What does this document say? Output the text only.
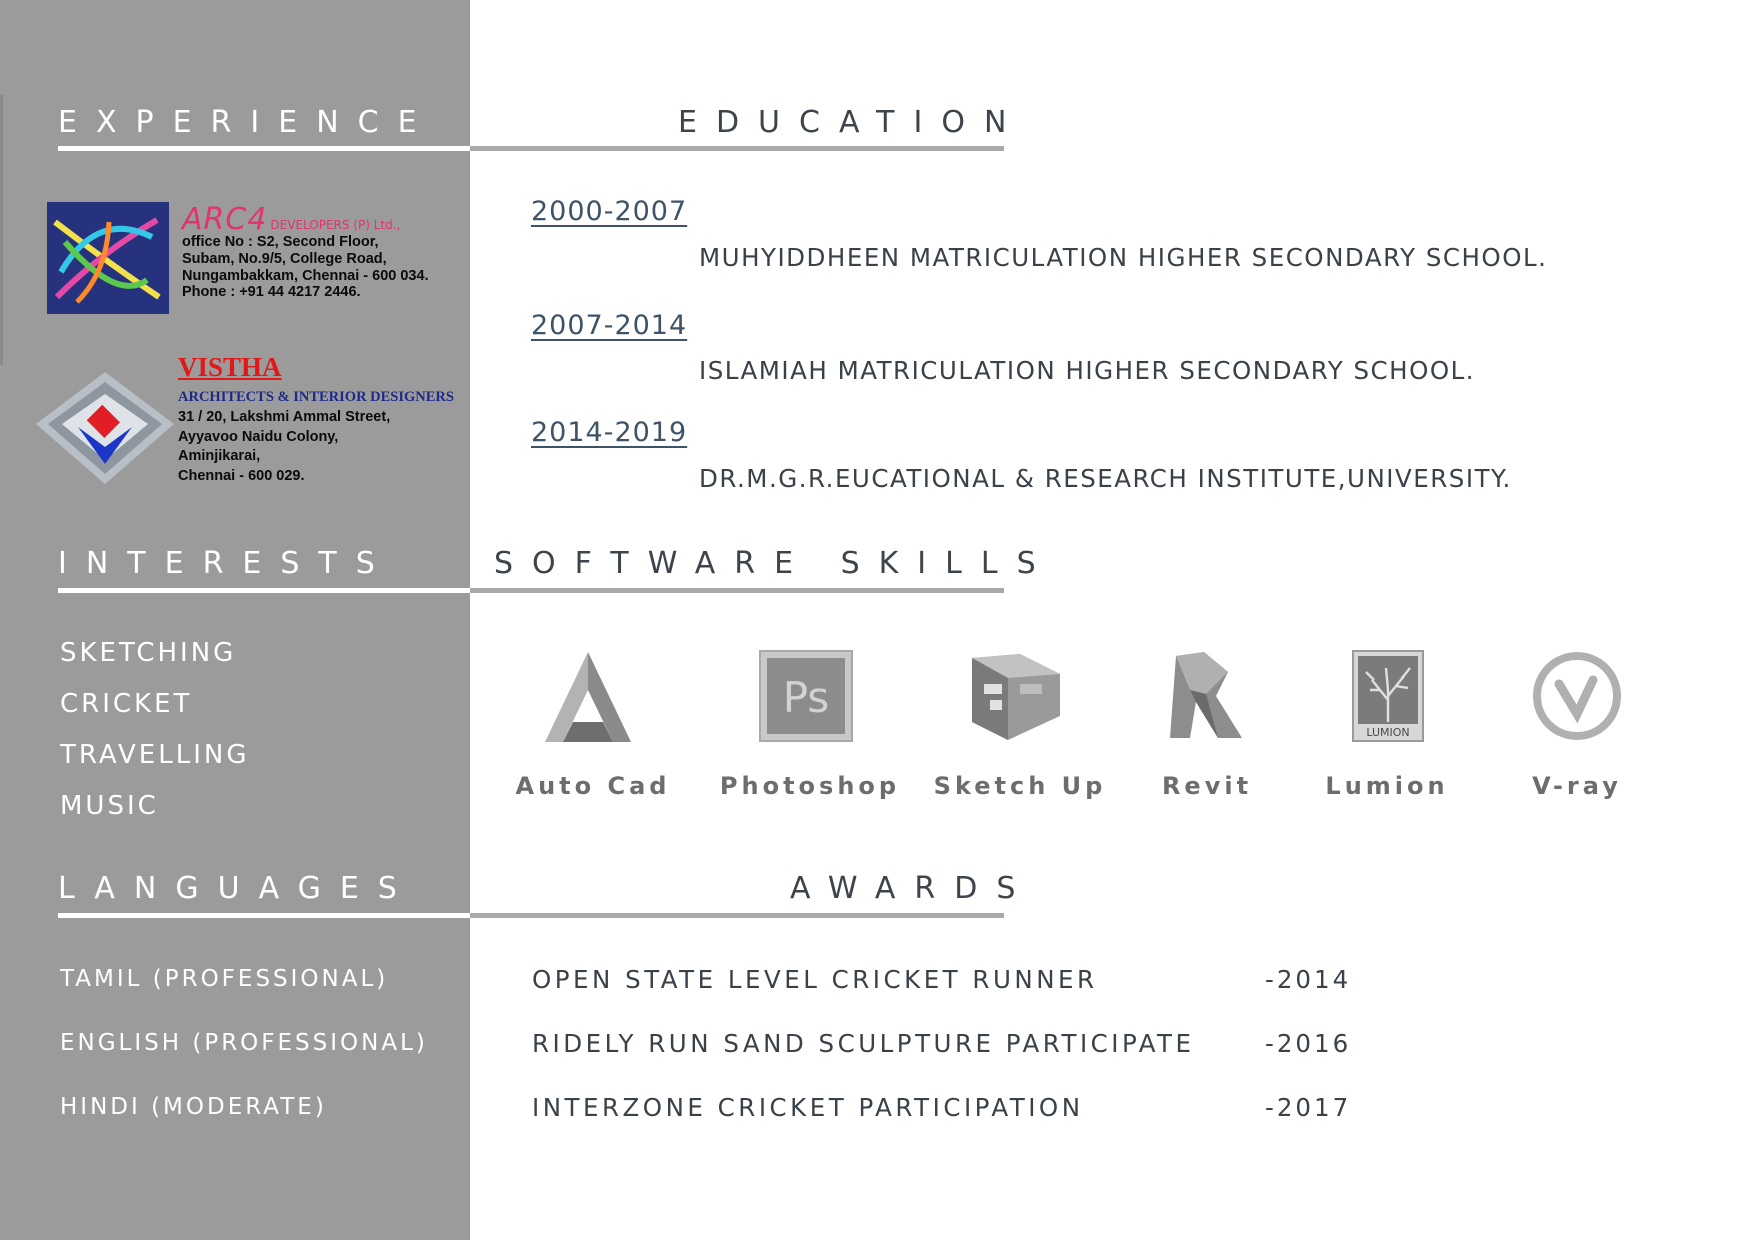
EXPERIENCE
ARC4 DEVELOPERS (P) Ltd.,
office No : S2, Second Floor,
Subam, No.9/5, College Road,
Nungambakkam, Chennai - 600 034.
Phone : +91 44 4217 2446.
VISTHA
ARCHITECTS & INTERIOR DESIGNERS
31 / 20, Lakshmi Ammal Street,
Ayyavoo Naidu Colony,
Aminjikarai,
Chennai - 600 029.
EDUCATION
2000-2007
MUHYIDDHEEN MATRICULATION HIGHER SECONDARY SCHOOL.
2007-2014
ISLAMIAH MATRICULATION HIGHER SECONDARY SCHOOL.
2014-2019
DR.M.G.R.EUCATIONAL & RESEARCH INSTITUTE,UNIVERSITY.
INTERESTS
SKETCHING
CRICKET
TRAVELLING
MUSIC
SOFTWARE SKILLS
Ps
LUMION
Auto Cad	Photoshop	Sketch Up	Revit	Lumion	V-ray
LANGUAGES
TAMIL (PROFESSIONAL)
ENGLISH (PROFESSIONAL)
HINDI (MODERATE)
AWARDS
OPEN STATE LEVEL CRICKET RUNNER	-2014
RIDELY RUN SAND SCULPTURE PARTICIPATE	-2016
INTERZONE CRICKET PARTICIPATION	-2017
